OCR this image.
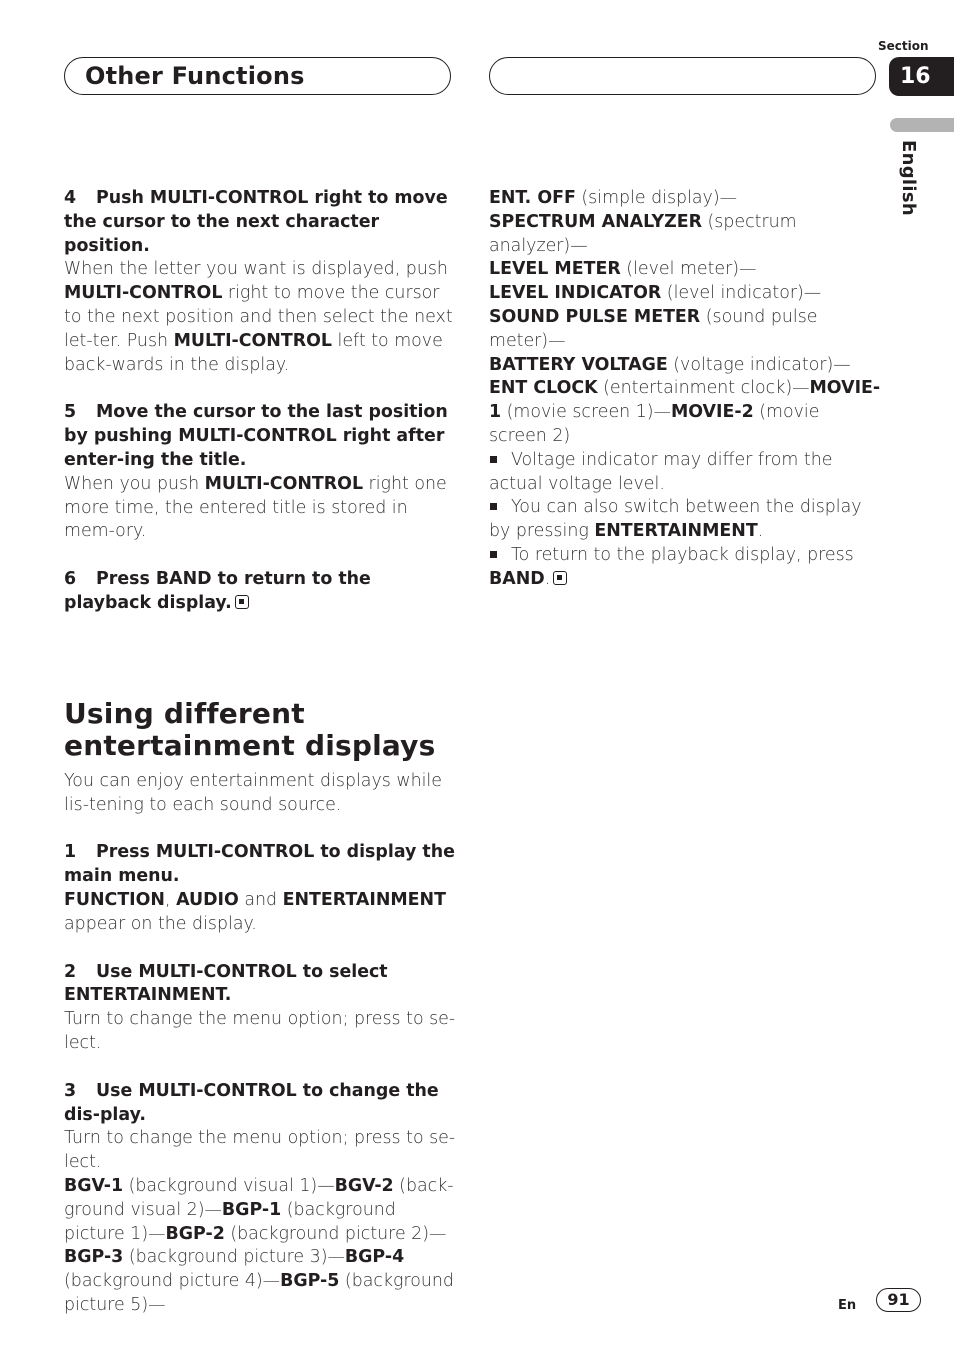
Other Functions
Section
16
English

4 Push MULTI-CONTROL right to move the cursor to the next character position.

When the letter you want is displayed, push MULTI-CONTROL right to move the cursor to the next position and then select the next let-ter. Push MULTI-CONTROL left to move back-wards in the display.

5 Move the cursor to the last position by pushing MULTI-CONTROL right after enter-ing the title.

When you push MULTI-CONTROL right one more time, the entered title is stored in mem-ory.

6 Press BAND to return to the playback display.

Using different entertainment displays

You can enjoy entertainment displays while lis-tening to each sound source.

1 Press MULTI-CONTROL to display the main menu.

FUNCTION, AUDIO and ENTERTAINMENT
appear on the display.

2 Use MULTI-CONTROL to select ENTERTAINMENT.

Turn to change the menu option; press to se-lect.

3 Use MULTI-CONTROL to change the dis-play.

Turn to change the menu option; press to se-lect.

BGV-1 (background visual 1)—BGV-2 (back-ground visual 2)—BGP-1 (background picture 1)—BGP-2 (background picture 2)—BGP-3 (background picture 3)—BGP-4 (background picture 4)—BGP-5 (background picture 5)—

ENT. OFF (simple display)—
SPECTRUM ANALYZER (spectrum analyzer)—
LEVEL METER (level meter)—
LEVEL INDICATOR (level indicator)—
SOUND PULSE METER (sound pulse meter)—
BATTERY VOLTAGE (voltage indicator)—
ENT CLOCK (entertainment clock)—MOVIE-1 (movie screen 1)—MOVIE-2 (movie screen 2)

Voltage indicator may differ from the actual voltage level.

You can also switch between the display by pressing ENTERTAINMENT.

To return to the playback display, press BAND.

En	91
